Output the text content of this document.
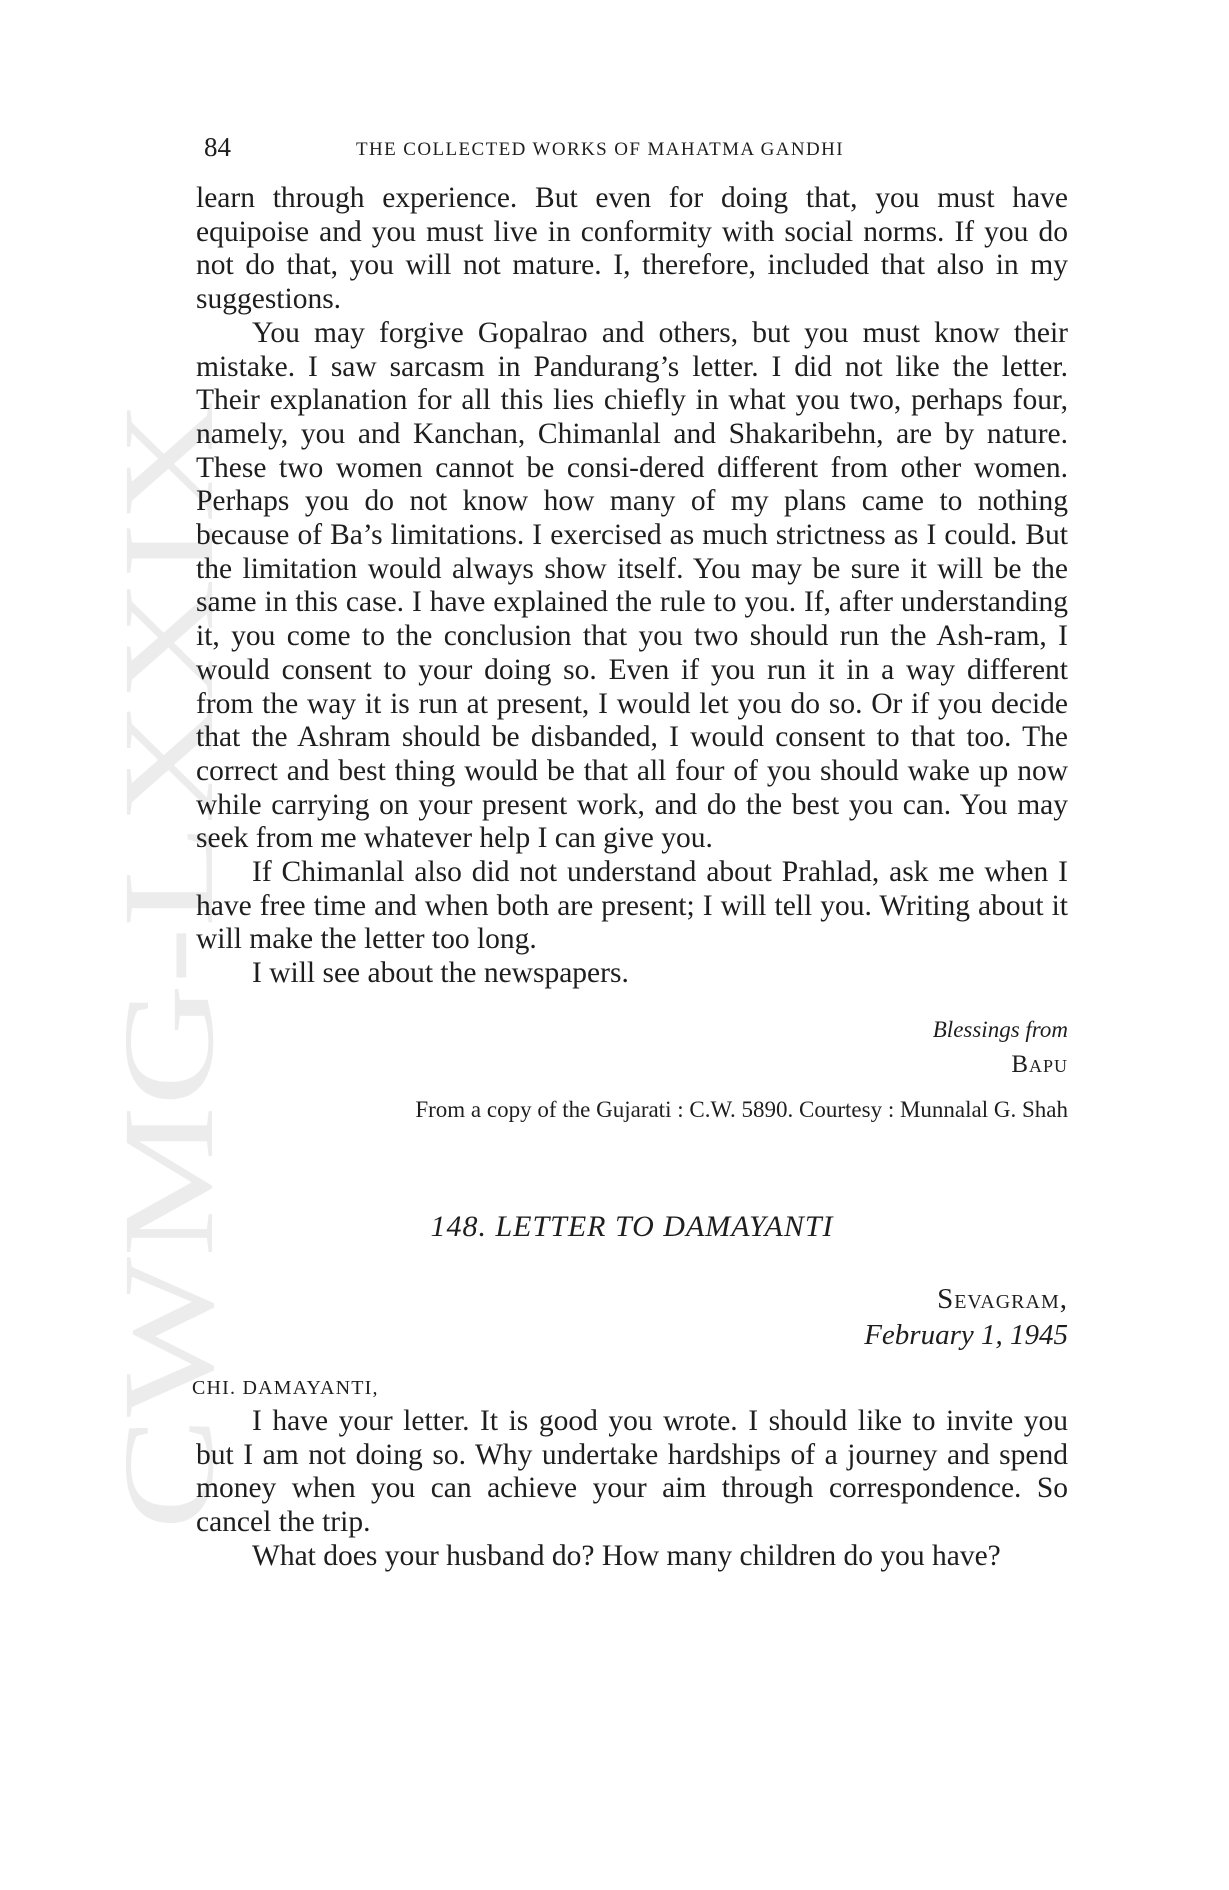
CWMG-LXXIX
84	THE COLLECTED WORKS OF MAHATMA GANDHI

learn through experience. But even for doing that, you must have equipoise and you must live in conformity with social norms. If you do not do that, you will not mature. I, therefore, included that also in my suggestions.

You may forgive Gopalrao and others, but you must know their mistake. I saw sarcasm in Pandurang’s letter. I did not like the letter. Their explanation for all this lies chiefly in what you two, perhaps four, namely, you and Kanchan, Chimanlal and Shakaribehn, are by nature. These two women cannot be consi-dered different from other women. Perhaps you do not know how many of my plans came to nothing because of Ba’s limitations. I exercised as much strictness as I could. But the limitation would always show itself. You may be sure it will be the same in this case. I have explained the rule to you. If, after understanding it, you come to the conclusion that you two should run the Ash-ram, I would consent to your doing so. Even if you run it in a way different from the way it is run at present, I would let you do so. Or if you decide that the Ashram should be disbanded, I would consent to that too. The correct and best thing would be that all four of you should wake up now while carrying on your present work, and do the best you can. You may seek from me whatever help I can give you.

If Chimanlal also did not understand about Prahlad, ask me when I have free time and when both are present; I will tell you. Writing about it will make the letter too long.

I will see about the newspapers.

Blessings from
Bapu
From a copy of the Gujarati : C.W. 5890. Courtesy : Munnalal G. Shah
148. LETTER TO DAMAYANTI
Sevagram,
February 1, 1945
CHI. DAMAYANTI,

I have your letter. It is good you wrote. I should like to invite you but I am not doing so. Why undertake hardships of a journey and spend money when you can achieve your aim through correspondence. So cancel the trip.

What does your husband do? How many children do you have?
